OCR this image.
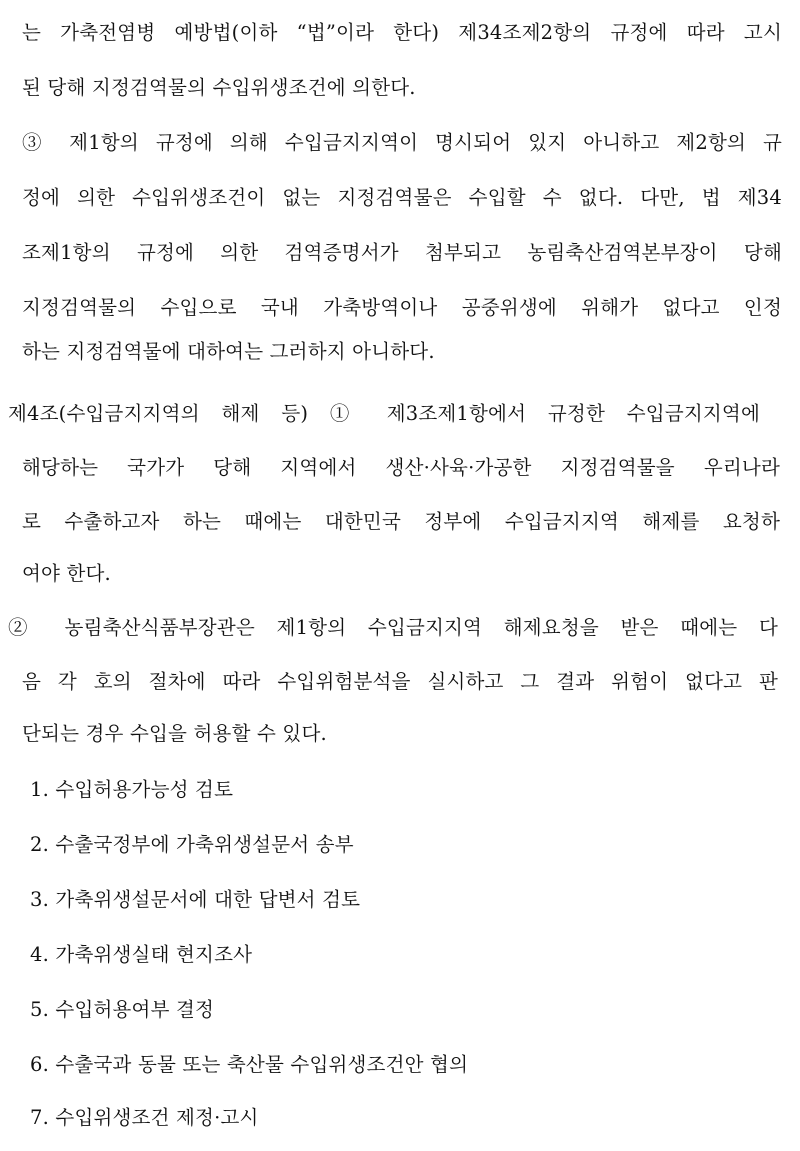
는 가축전염병 예방법(이하 “법”이라 한다) 제34조제2항의 규정에 따라 고시
된 당해 지정검역물의 수입위생조건에 의한다.
③ 제1항의 규정에 의해 수입금지지역이 명시되어 있지 아니하고 제2항의 규
정에 의한 수입위생조건이 없는 지정검역물은 수입할 수 없다. 다만, 법 제34
조제1항의 규정에 의한 검역증명서가 첨부되고 농림축산검역본부장이 당해
지정검역물의 수입으로 국내 가축방역이나 공중위생에 위해가 없다고 인정
하는 지정검역물에 대하여는 그러하지 아니하다.
제4조(수입금지지역의 해제 등) ① 제3조제1항에서 규정한 수입금지지역에
해당하는 국가가 당해 지역에서 생산·사육·가공한 지정검역물을 우리나라
로 수출하고자 하는 때에는 대한민국 정부에 수입금지지역 해제를 요청하
여야 한다.
② 농림축산식품부장관은 제1항의 수입금지지역 해제요청을 받은 때에는 다
음 각 호의 절차에 따라 수입위험분석을 실시하고 그 결과 위험이 없다고 판
단되는 경우 수입을 허용할 수 있다.
1. 수입허용가능성 검토
2. 수출국정부에 가축위생설문서 송부
3. 가축위생설문서에 대한 답변서 검토
4. 가축위생실태 현지조사
5. 수입허용여부 결정
6. 수출국과 동물 또는 축산물 수입위생조건안 협의
7. 수입위생조건 제정·고시
